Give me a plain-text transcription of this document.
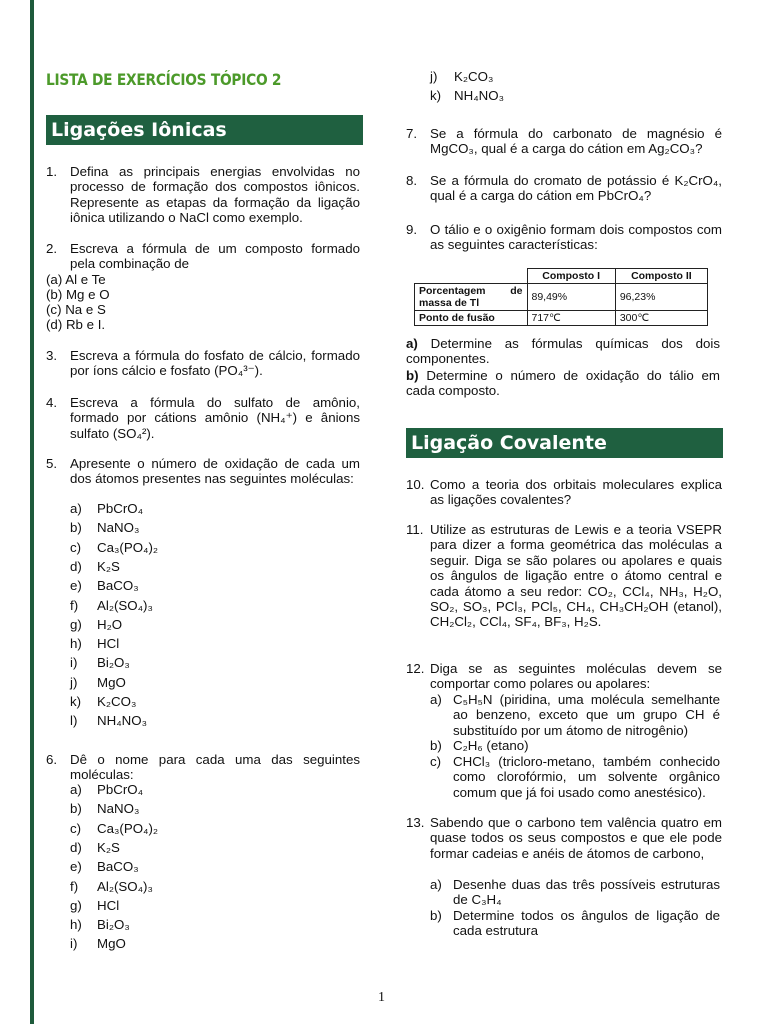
LISTA DE EXERCÍCIOS TÓPICO 2
Ligações Iônicas
1. Defina as principais energias envolvidas no processo de formação dos compostos iônicos. Represente as etapas da formação da ligação iônica utilizando o NaCl como exemplo.
2. Escreva a fórmula de um composto formado pela combinação de
(a) Al e Te
(b) Mg e O
(c) Na e S
(d) Rb e I.
3. Escreva a fórmula do fosfato de cálcio, formado por íons cálcio e fosfato (PO₄³⁻).
4. Escreva a fórmula do sulfato de amônio, formado por cátions amônio (NH₄⁺) e ânions sulfato (SO₄²).
5. Apresente o número de oxidação de cada um dos átomos presentes nas seguintes moléculas:
a) PbCrO₄
b) NaNO₃
c) Ca₃(PO₄)₂
d) K₂S
e) BaCO₃
f) Al₂(SO₄)₃
g) H₂O
h) HCl
i) Bi₂O₃
j) MgO
k) K₂CO₃
l) NH₄NO₃
6. Dê o nome para cada uma das seguintes moléculas:
a) PbCrO₄
b) NaNO₃
c) Ca₃(PO₄)₂
d) K₂S
e) BaCO₃
f) Al₂(SO₄)₃
g) HCl
h) Bi₂O₃
i) MgO
j) K₂CO₃
k) NH₄NO₃
7. Se a fórmula do carbonato de magnésio é MgCO₃, qual é a carga do cátion em Ag₂CO₃?
8. Se a fórmula do cromato de potássio é K₂CrO₄, qual é a carga do cátion em PbCrO₄?
9. O tálio e o oxigênio formam dois compostos com as seguintes características:
	Composto I	Composto II
Porcentagem de massa de Tl	89,49%	96,23%
Ponto de fusão	717℃	300℃
a) Determine as fórmulas químicas dos dois componentes.
b) Determine o número de oxidação do tálio em cada composto.
Ligação Covalente
10. Como a teoria dos orbitais moleculares explica as ligações covalentes?
11. Utilize as estruturas de Lewis e a teoria VSEPR para dizer a forma geométrica das moléculas a seguir. Diga se são polares ou apolares e quais os ângulos de ligação entre o átomo central e cada átomo a seu redor: CO₂, CCl₄, NH₃, H₂O, SO₂, SO₃, PCl₃, PCl₅, CH₄, CH₃CH₂OH (etanol), CH₂Cl₂, CCl₄, SF₄, BF₃, H₂S.
12. Diga se as seguintes moléculas devem se comportar como polares ou apolares:
a) C₅H₅N (piridina, uma molécula semelhante ao benzeno, exceto que um grupo CH é substituído por um átomo de nitrogênio)
b) C₂H₆ (etano)
c) CHCl₃ (tricloro-metano, também conhecido como clorofórmio, um solvente orgânico comum que já foi usado como anestésico).
13. Sabendo que o carbono tem valência quatro em quase todos os seus compostos e que ele pode formar cadeias e anéis de átomos de carbono,
a) Desenhe duas das três possíveis estruturas de C₃H₄
b) Determine todos os ângulos de ligação de cada estrutura
1
